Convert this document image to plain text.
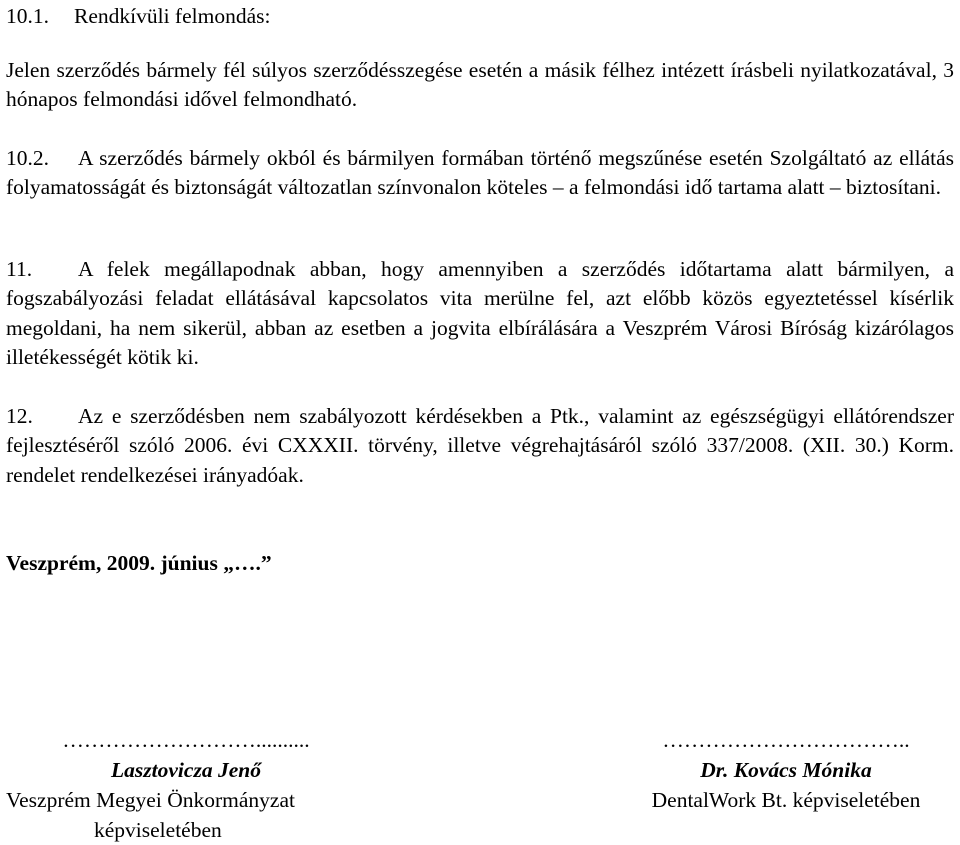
10.1. Rendkívüli felmondás:
Jelen szerződés bármely fél súlyos szerződésszegése esetén a másik félhez intézett írásbeli nyilatkozatával, 3 hónapos felmondási idővel felmondható.
10.2. A szerződés bármely okból és bármilyen formában történő megszűnése esetén Szolgáltató az ellátás folyamatosságát és biztonságát változatlan színvonalon köteles – a felmondási idő tartama alatt – biztosítani.
11. A felek megállapodnak abban, hogy amennyiben a szerződés időtartama alatt bármilyen, a fogszabályozási feladat ellátásával kapcsolatos vita merülne fel, azt előbb közös egyeztetéssel kísérlik megoldani, ha nem sikerül, abban az esetben a jogvita elbírálására a Veszprém Városi Bíróság kizárólagos illetékességét kötik ki.
12. Az e szerződésben nem szabályozott kérdésekben a Ptk., valamint az egészségügyi ellátórendszer fejlesztéséről szóló 2006. évi CXXXII. törvény, illetve végrehajtásáról szóló 337/2008. (XII. 30.) Korm. rendelet rendelkezései irányadóak.
Veszprém, 2009. június „….”
………………………..........
Lasztovicza Jenő
Veszprém Megyei Önkormányzat
képviseletében
……………………………..
Dr. Kovács Mónika
DentalWork Bt. képviseletében
